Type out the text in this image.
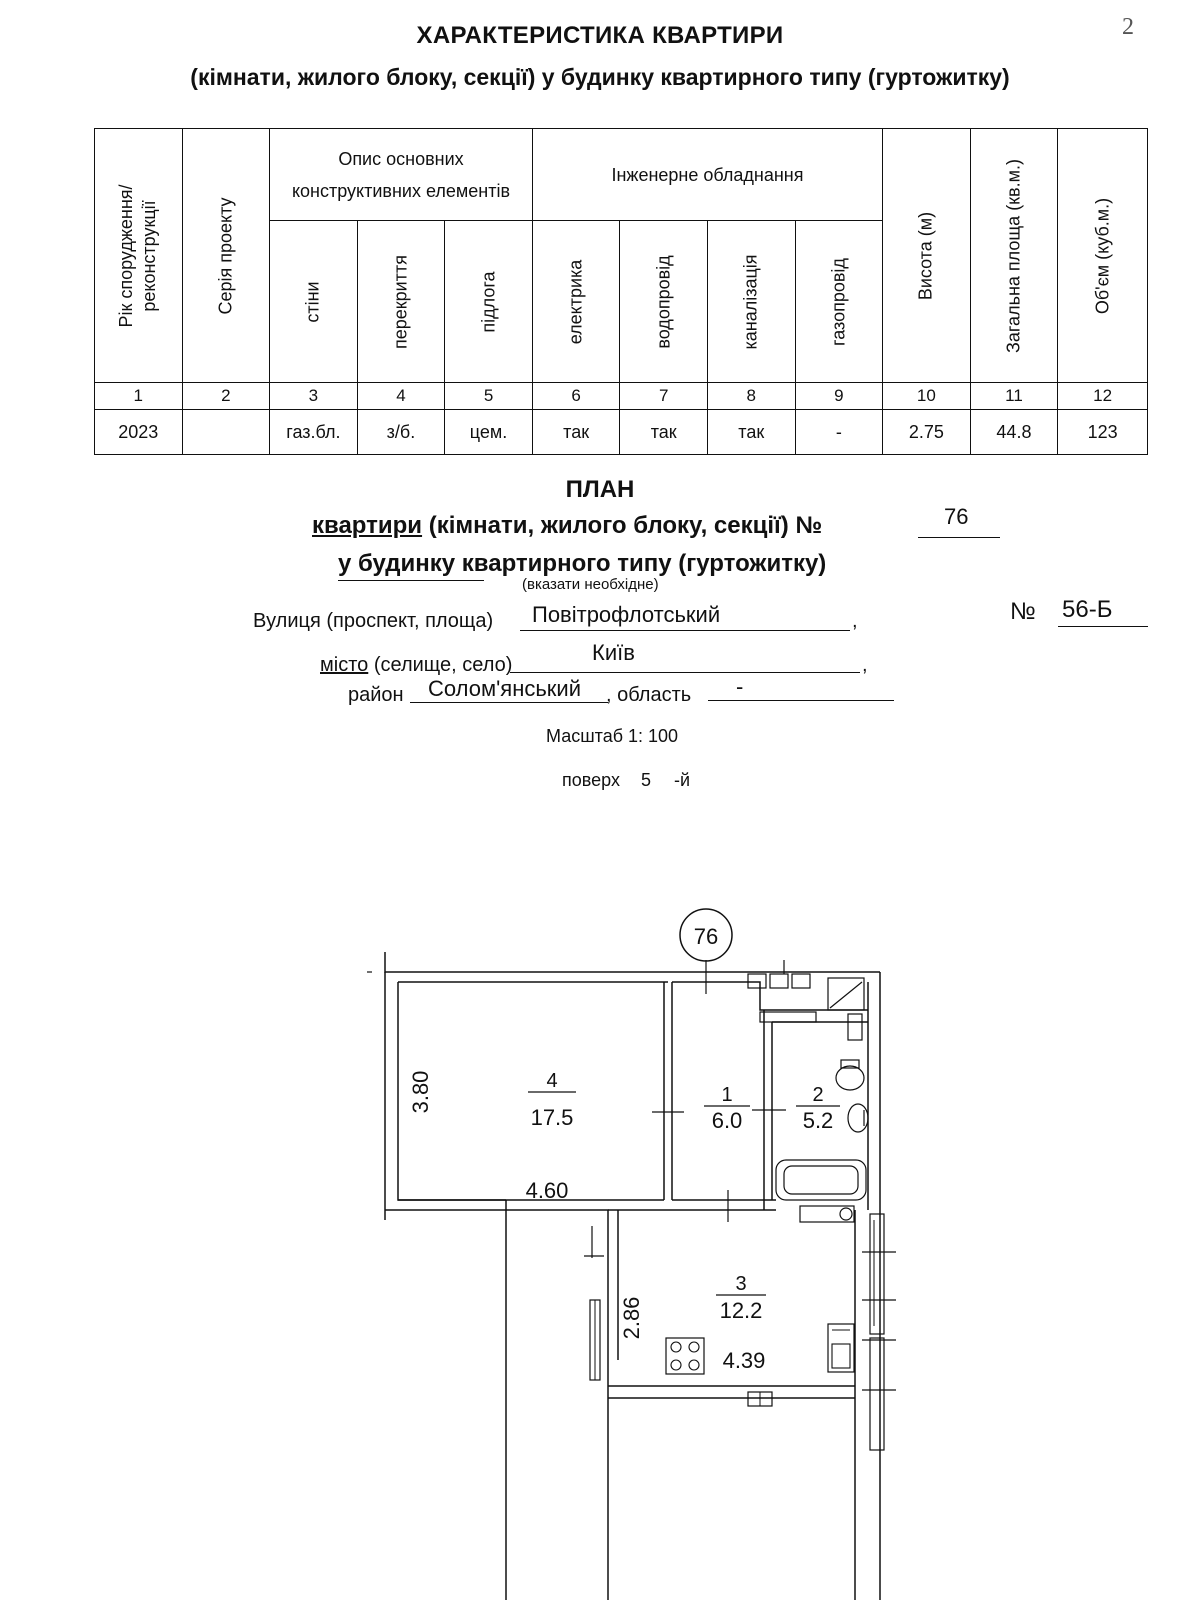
2
ХАРАКТЕРИСТИКА КВАРТИРИ
(кімнати, жилого блоку, секції) у будинку квартирного типу (гуртожитку)
Рік спорудження/ реконструкції	Серія проекту	Опис основних конструктивних елементів			Інженерне обладнання				Висота (м)	Загальна площа (кв.м.)	Об'єм (куб.м.)

		стіни	перекриття	підлога	електрика	водопровід	каналізація	газопровід			

1	2	3	4	5	6	7	8	9	10	11	12
2023		газ.бл.	з/б.	цем.	так	так	так	-	2.75	44.8	123
ПЛАН
квартири (кімнати, жилого блоку, секції) №	76
у будинку квартирного типу (гуртожитку)
(вказати необхідне)
Вулиця (проспект, площа) Повітрофлотський	,	№ 56-Б
місто (селище, село)	Київ	,
район Солом'янський , область -
Масштаб 1: 100
поверх 5 -й
76
4
17.5
1
6.0
2
5.2
3
12.2
3.80
4.60
2.86
4.39
